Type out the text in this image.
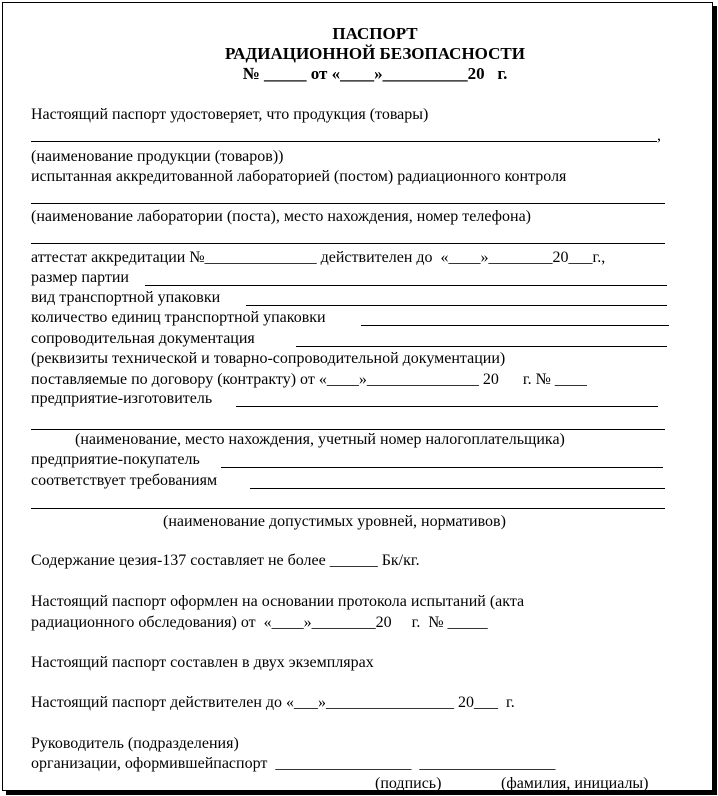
ПАСПОРТ
РАДИАЦИОННОЙ БЕЗОПАСНОСТИ
№ _____ от «____»__________20   г.
Настоящий паспорт удостоверяет, что продукция (товары)
,
(наименование продукции (товаров))
испытанная аккредитованной лабораторией (постом) радиационного контроля
(наименование лаборатории (поста), место нахождения, номер телефона)
аттестат аккредитации №______________ действителен до  «____»________20___г.,
размер партии
вид транспортной упаковки
количество единиц транспортной упаковки
сопроводительная документация
(реквизиты технической и товарно-сопроводительной документации)
поставляемые по договору (контракту) от «____»______________ 20      г. № ____
предприятие-изготовитель
(наименование, место нахождения, учетный номер налогоплательщика)
предприятие-покупатель
соответствует требованиям
(наименование допустимых уровней, нормативов)
Содержание цезия-137 составляет не более ______ Бк/кг.
Настоящий паспорт оформлен на основании протокола испытаний (акта
радиационного обследования) от  «____»________20     г.  № _____
Настоящий паспорт составлен в двух экземплярах
Настоящий паспорт действителен до «___»________________ 20___  г.
Руководитель (подразделения)
организации, оформившейпаспорт  _________________  _________________
(подпись)	(фамилия, инициалы)
